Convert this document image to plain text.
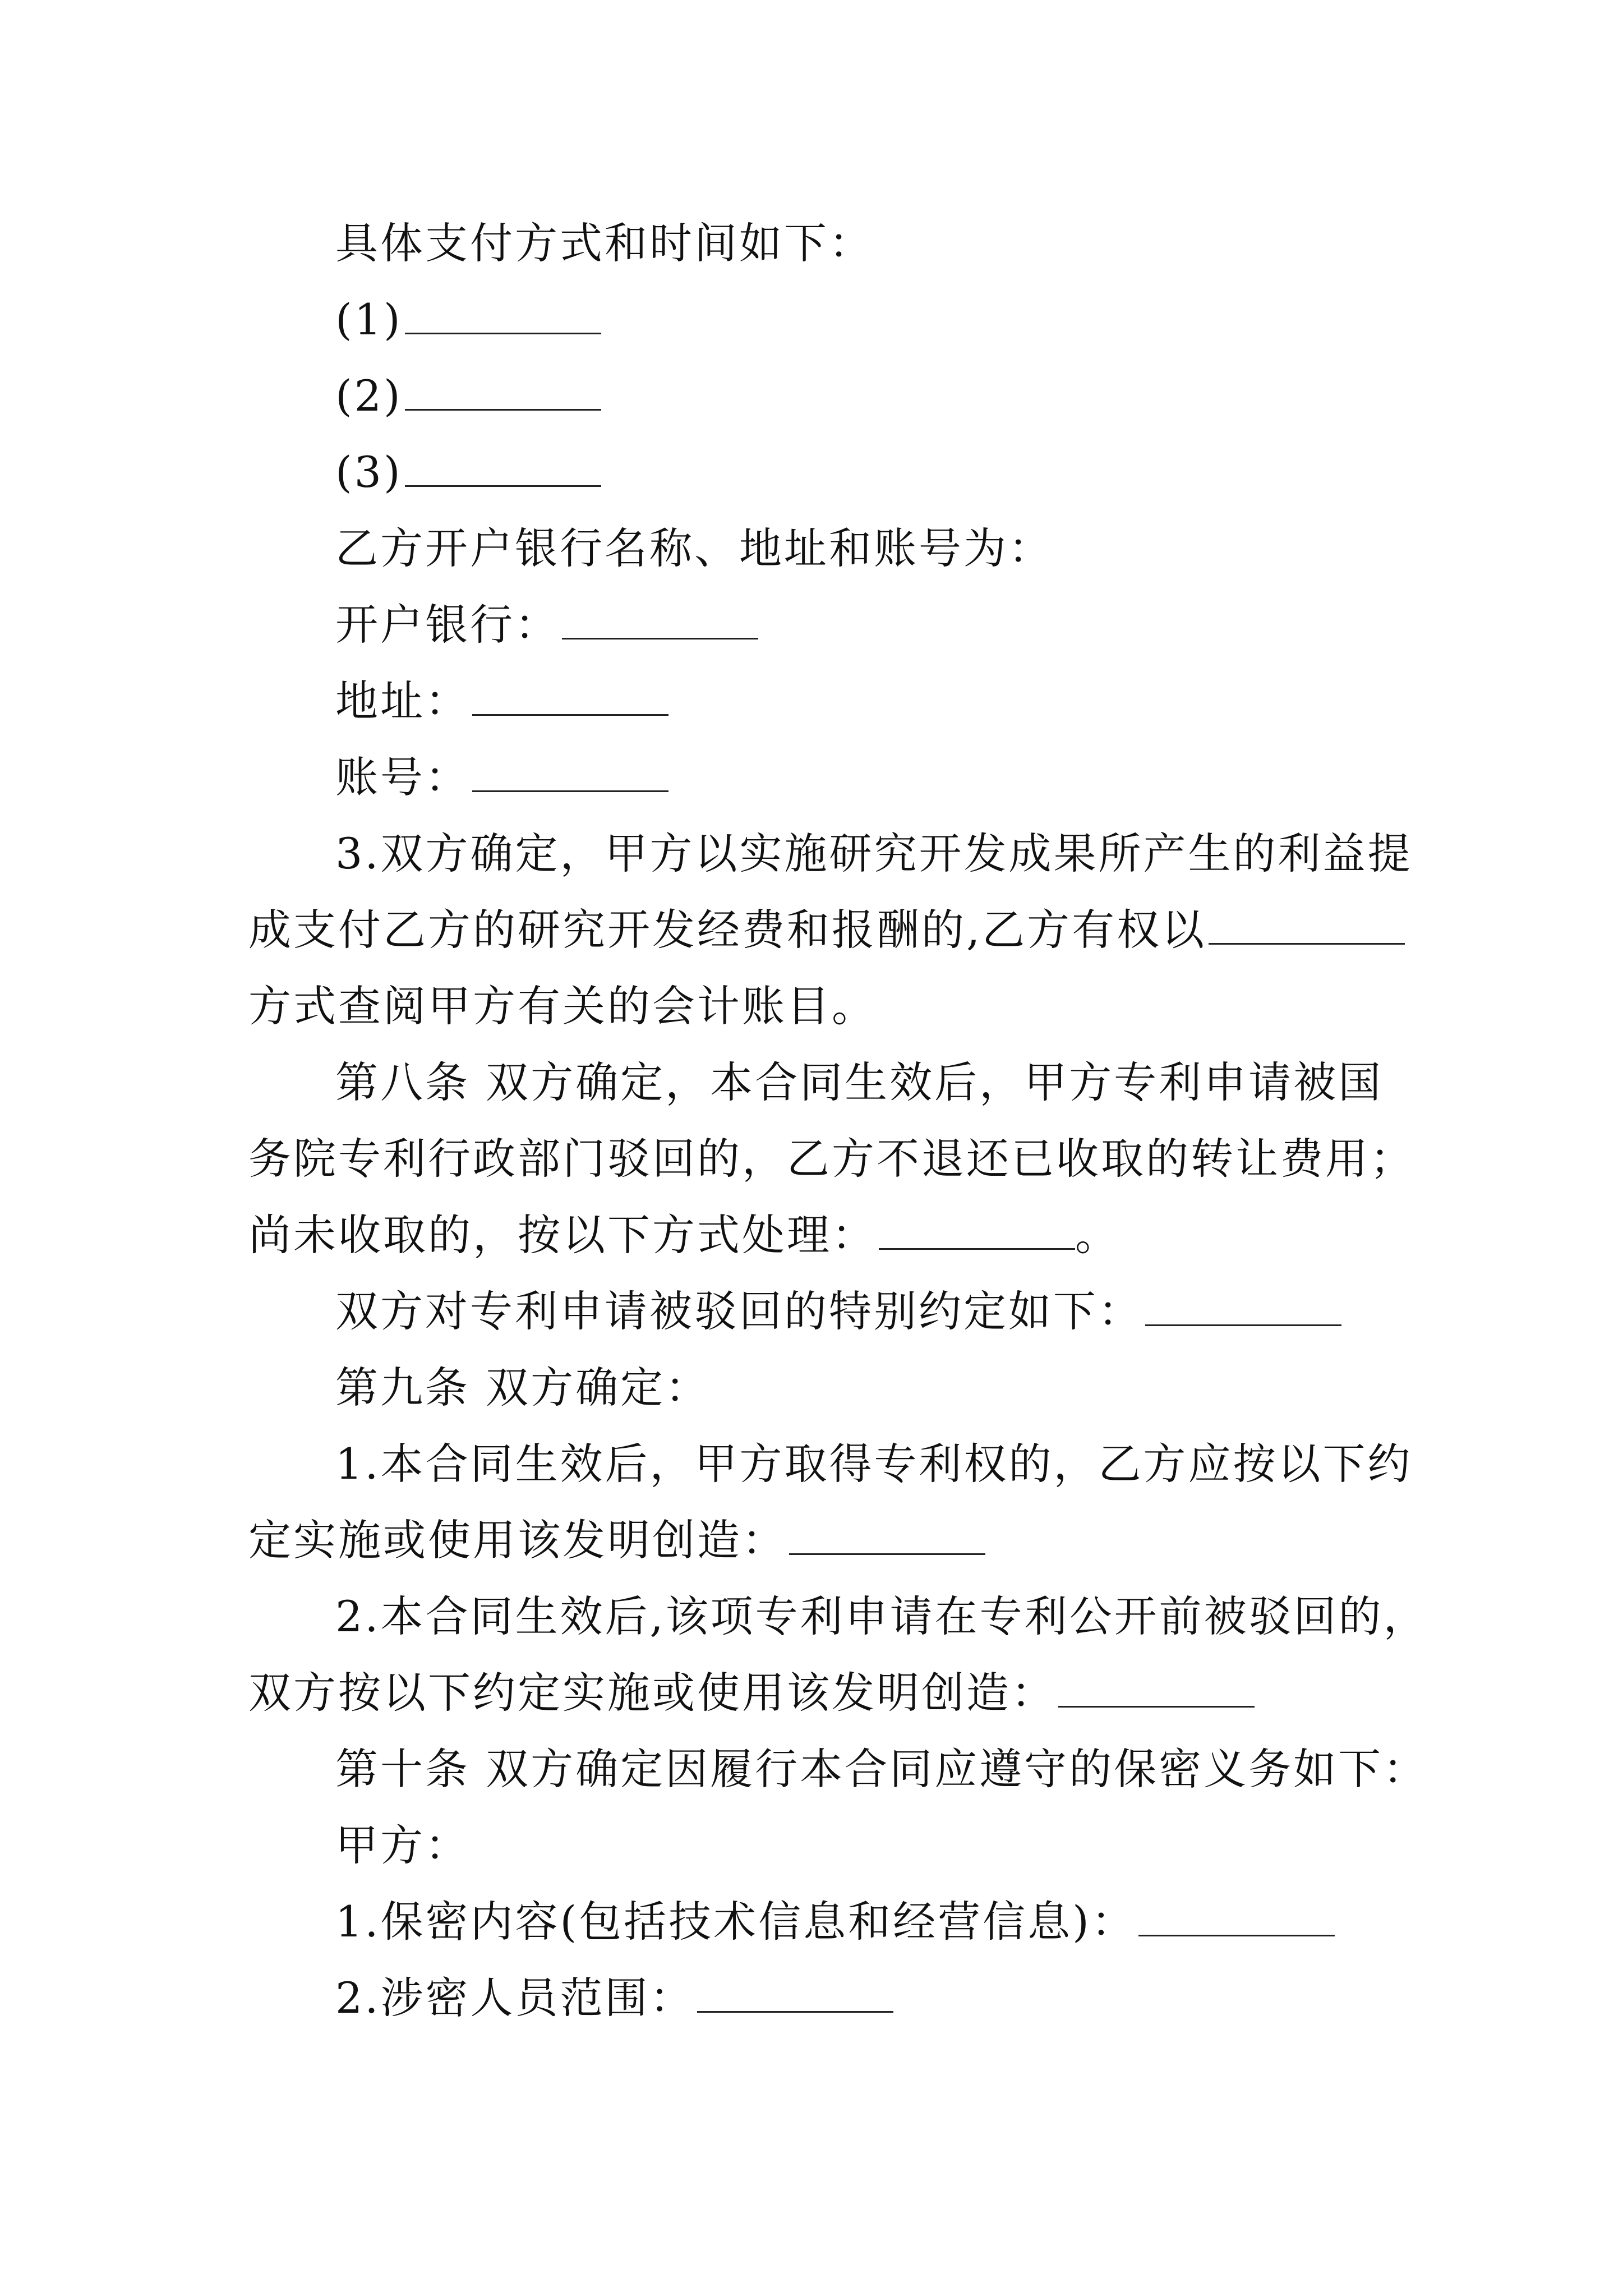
具体支付方式和时间如下：
(1)
(2)
(3)
乙方开户银行名称、地址和账号为：
开户银行：
地址：
账号：
3.双方确定，甲方以实施研究开发成果所产生的利益提
成支付乙方的研究开发经费和报酬的,乙方有权以
方式查阅甲方有关的会计账目。
第八条 双方确定，本合同生效后，甲方专利申请被国
务院专利行政部门驳回的，乙方不退还已收取的转让费用；
尚未收取的，按以下方式处理：	。
双方对专利申请被驳回的特别约定如下：
第九条 双方确定：
1.本合同生效后，甲方取得专利权的，乙方应按以下约
定实施或使用该发明创造：
2.本合同生效后,该项专利申请在专利公开前被驳回的，
双方按以下约定实施或使用该发明创造：
第十条 双方确定因履行本合同应遵守的保密义务如下：
甲方：
1.保密内容(包括技术信息和经营信息)：
2.涉密人员范围：
